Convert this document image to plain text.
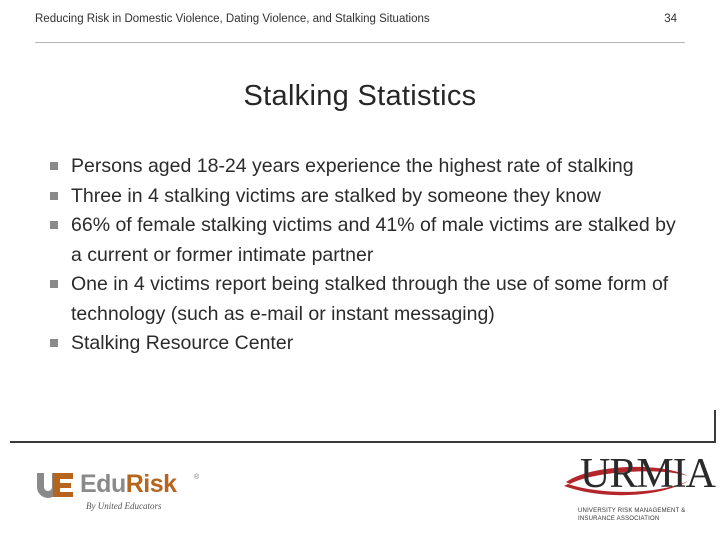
Reducing Risk in Domestic Violence, Dating Violence, and Stalking Situations	34
Stalking Statistics
Persons aged 18-24 years experience the highest rate of stalking
Three in 4 stalking victims are stalked by someone they know
66% of female stalking victims and 41% of male victims are stalked by a current or former intimate partner
One in 4 victims report being stalked through the use of some form of technology (such as e-mail or instant messaging)
Stalking Resource Center
EduRisk ®
By United Educators
URMIA
UNIVERSITY RISK MANAGEMENT &
INSURANCE ASSOCIATION
